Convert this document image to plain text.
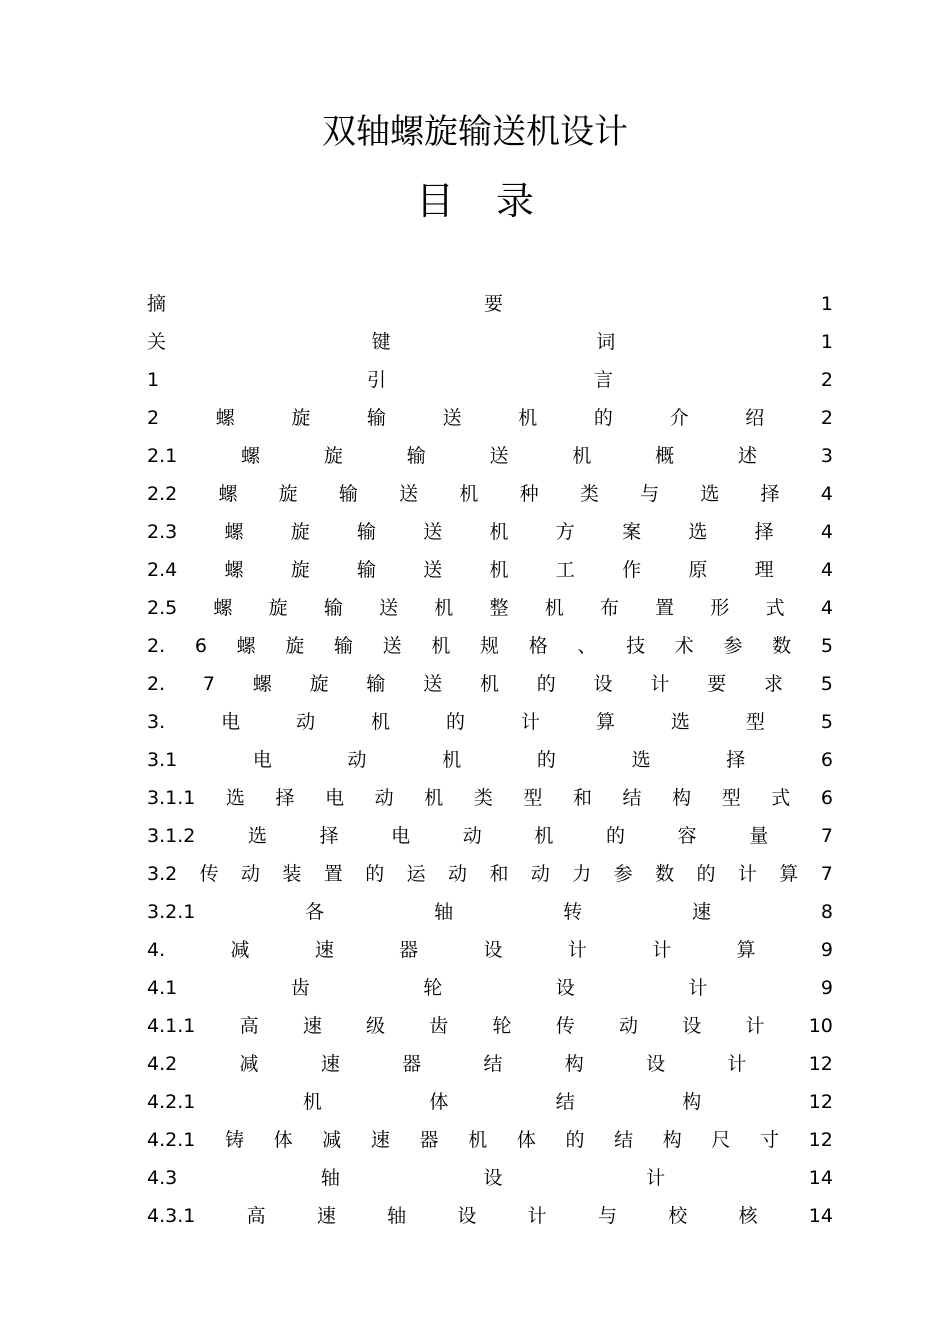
双轴螺旋输送机设计
目 录
摘	要	1
关	键	词	1
1	引	言	2
2	螺	旋	输	送	机	的	介	绍	2
2.1	螺	旋	输	送	机	概	述	3
2.2 螺 旋 输 送 机 种 类 与 选 择 4
2.3 螺 旋 输 送 机 方 案 选 择 4
2.4 螺 旋 输 送 机 工 作 原 理 4
2.5 螺 旋 输 送 机 整 机 布 置 形 式 4
2. 6 螺 旋 输 送 机 规 格 、 技 术 参 数 5
2. 7 螺 旋 输 送 机 的 设 计 要 求 5
3.	电	动	机	的	计	算	选	型	5
3.1	电	动	机	的	选	择	6
3.1.1 选 择 电 动 机 类 型 和 结 构 型 式 6
3.1.2	选	择	电	动	机	的	容	量	7
3.2 传 动 装 置 的 运 动 和 动 力 参 数 的 计 算 7
3.2.1	各	轴	转	速	8
4.	减	速	器	设	计	计	算	9
4.1	齿	轮	设	计	9
4.1.1 高 速 级 齿 轮 传 动 设 计 10
4.2	减	速	器	结	构	设	计	12
4.2.1	机	体	结	构	12
4.2.1 铸 体 减 速 器 机 体 的 结 构 尺 寸 12
4.3	轴	设	计	14
4.3.1	高	速	轴	设	计	与	校	核	14
